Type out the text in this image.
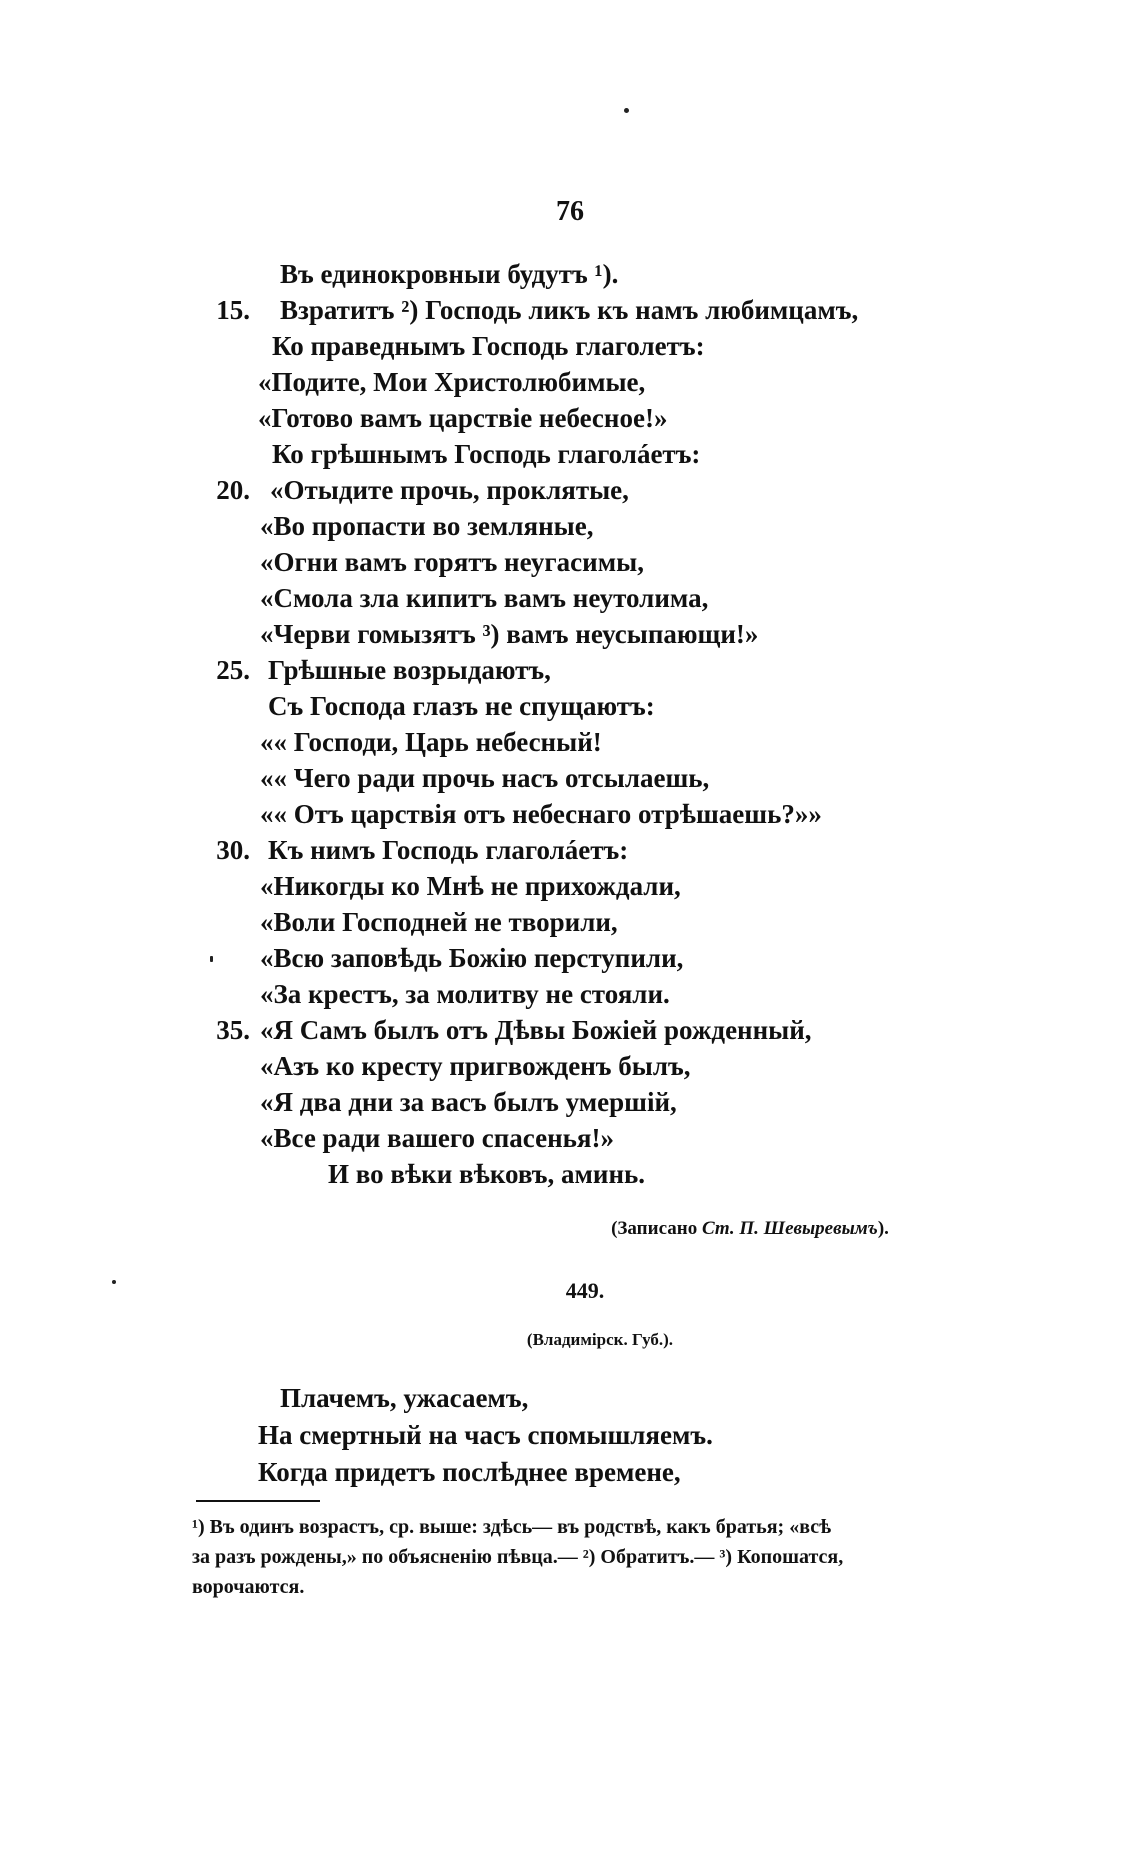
76
Въ единокровныи будутъ ¹).
15. Взратитъ ²) Господь ликъ къ намъ любимцамъ,
Ко праведнымъ Господь глаголетъ:
«Подите, Мои Христолюбимые,
«Готово вамъ царствіе небесное!»
Ко грѣшнымъ Господь глаголáетъ:
20. «Отыдите прочь, проклятые,
«Во пропасти во земляные,
«Огни вамъ горятъ неугасимы,
«Смола зла кипитъ вамъ неутолима,
«Черви гомызятъ ³) вамъ неусыпающи!»
25. Грѣшные возрыдаютъ,
Съ Господа глазъ не спущаютъ:
«« Господи, Царь небесный!
«« Чего ради прочь насъ отсылаешь,
«« Отъ царствія отъ небеснаго отрѣшаешь?»»
30. Къ нимъ Господь глаголáетъ:
«Никогды ко Мнѣ не прихождали,
«Воли Господней не творили,
«Всю заповѣдь Божію перступили,
«За крестъ, за молитву не стояли.
35. «Я Самъ былъ отъ Дѣвы Божіей рожденный,
«Азъ ко кресту пригвожденъ былъ,
«Я два дни за васъ былъ умершій,
«Все ради вашего спасенья!»
И во вѣки вѣковъ, аминь.
(Записано Ст. П. Шевыревымъ).
449.
(Владимірск. Губ.).
Плачемъ, ужасаемъ,
На смертный на часъ спомышляемъ.
Когда придетъ послѣднее времене,
¹) Въ одинъ возрастъ, ср. выше: здѣсь— въ родствѣ, какъ братья; «всѣ
за разъ рождены,» по объясненію пѣвца.— ²) Обратитъ.— ³) Копошатся,
ворочаются.
